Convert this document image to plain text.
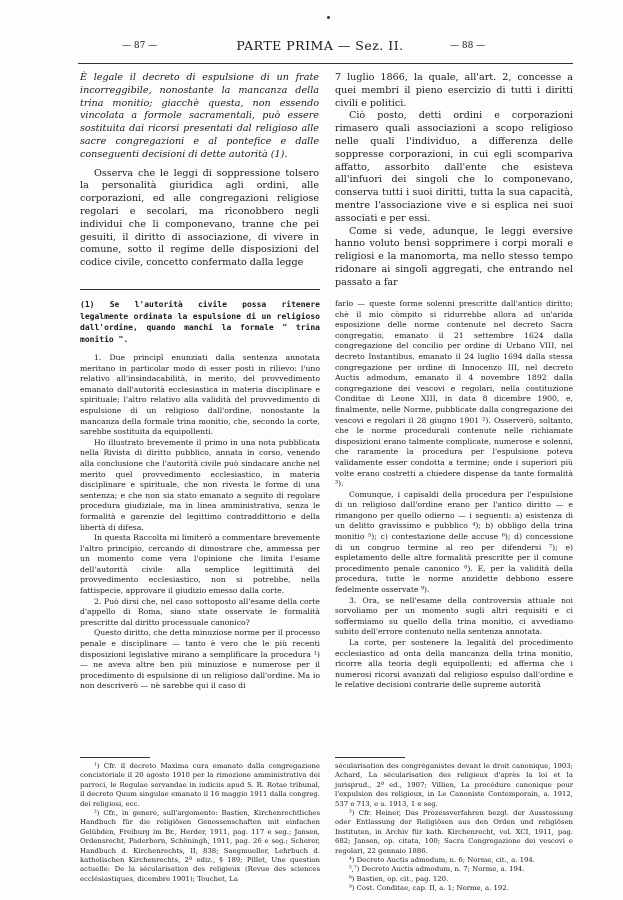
— 87 —	PARTE PRIMA — Sez. II.	— 88 —

È legale il decreto di espulsione di un frate incorreggibile, nonostante la mancanza della trina monitio; giacchè questa, non essendo vincolata a formole sacramentali, può essere sostituita dai ricorsi presentati dal religioso alle sacre congregazioni e al pontefice e dalle conseguenti decisioni di dette autorità (1).

Osserva che le leggi di soppressione tolsero la personalità giuridica agli ordini, alle corporazioni, ed alle congregazioni religiose regolari e secolari, ma riconobbero negli individui che li componevano, tranne che pei gesuiti, il diritto di associazione, di vivere in comune, sotto il regime delle disposizioni del codice civile, concetto confermato dalla legge

7 luglio 1866, la quale, all'art. 2, concesse a quei membri il pieno esercizio di tutti i diritti civili e politici.

Ciò posto, detti ordini e corporazioni rimasero quali associazioni a scopo religioso nelle quali l'individuo, a differenza delle soppresse corporazioni, in cui egli scompariva affatto, assorbito dall'ente che esisteva all'infuori dei singoli che lo componevano, conserva tutti i suoi diritti, tutta la sua capacità, mentre l'associazione vive e si esplica nei suoi associati e per essi.

Come si vede, adunque, le leggi eversive hanno voluto bensì sopprimere i corpi morali e religiosi e la manomorta, ma nello stesso tempo ridonare ai singoli aggregati, che entrando nel passato a far

(1) Se l'autorità civile possa ritenere legalmente ordinata la espulsione di un religioso dall'ordine, quando manchi la formale " trina monitio ".

1. Due principî enunziati dalla sentenza annotata meritano in particolar modo di esser posti in rilievo: l'uno relativo all'insindacabilità, in merito, del provvedimento emanato dall'autorità ecclesiastica in materia disciplinare e spirituale; l'altro relativo alla validità del provvedimento di espulsione di un religioso dall'ordine, nonostante la mancanza della formale trina monitio, che, secondo la corte, sarebbe sostituita da equipollenti.

Ho illustrato brevemente il primo in una nota pubblicata nella Rivista di diritto pubblico, annata in corso, venendo alla conclusione che l'autorità civile può sindacare anche nel merito quel provvedimento ecclesiastico, in materia disciplinare e spirituale, che non rivesta le forme di una sentenza; e che non sia stato emanato a seguito di regolare procedura giudiziale, ma in linea amministrativa, senza le formalità e garenzie del legittimo contraddittorio e della libertà di difesa.

In questa Raccolta mi limiterò a commentare brevemente l'altro principio, cercando di dimostrare che, ammessa per un momento come vera l'opinione che limita l'esame dell'autorità civile alla semplice legittimità del provvedimento ecclesiastico, non si potrebbe, nella fattispecie, approvare il giudizio emesso dalla corte.

2. Può dirsi che, nel caso sottoposto all'esame della corte d'appello di Roma, siano state osservate le formalità prescritte dal diritto processuale canonico?

Questo diritto, che detta minuziose norme per il processo penale e disciplinare — tanto è vero che le più recenti disposizioni legislative mirano a semplificare la procedura ¹) — ne aveva altre ben più minuziose e numerose per il procedimento di espulsione di un religioso dall'ordine. Ma io non descriverò — nè sarebbe qui il caso di

farlo — queste forme solenni prescritte dall'antico diritto; chè il mio còmpito si ridurrebbe allora ad un'arida esposizione delle norme contenute nel decreto Sacra congregatio, emanato il 21 settembre 1624 dalla congregazione del concilio per ordine di Urbano VIII, nel decreto Instantibus, emanato il 24 luglio 1694 dalla stessa congregazione per ordine di Innocenzo III, nel decreto Auctis admodum, emanato il 4 novembre 1892 dalla congregazione dei vescovi e regolari, nella costituzione Conditae di Leone XIII, in data 8 dicembre 1900, e, finalmente, nelle Norme, pubblicate dalla congregazione dei vescovi e regolari il 28 giugno 1901 ²). Osserverò, soltanto, che le norme procedurali contenute nelle richiamate disposizioni erano talmente complicate, numerose e solenni, che raramente la procedura per l'espulsione poteva validamente esser condotta a termine; onde i superiori più volte erano costretti a chiedere dispense da tante formalità ³).

Comunque, i capisaldi della procedura per l'espulsione di un religioso dall'ordine erano per l'antico diritto — e rimangono per quello odierno — i seguenti: a) esistenza di un delitto gravissimo e pubblico ⁴); b) obbligo della trina monitio ⁵); c) contestazione delle accuse ⁶); d) concessione di un congruo termine al reo per difendersi ⁷); e) espletamento delle altre formalità prescritte per il comune procedimento penale canonico ⁸). E, per la validità della procedura, tutte le norme anzidette debbono essere fedelmente osservate ⁹).

3. Ora, se nell'esame della controversia attuale noi sorvoliamo per un momento sugli altri requisiti e ci soffermiamo su quello della trina monitio, ci avvediamo subito dell'errore contenuto nella sentenza annotata.

La corte, per sostenere la legalità del procedimento ecclesiastico ad onta della mancanza della trina monitio, ricorre alla teoria degli equipollenti; ed afferma che i numerosi ricorsi avanzati dal religioso espulso dall'ordine e le relative decisioni contrarie delle supreme autorità

¹) Cfr. il decreto Maxima cura emanato dalla congregazione concistoriale il 20 agosto 1910 per la rimozione amministrativa dei parroci, le Regulae servandae in iudiciis apud S. R. Rotae tribunal, il decreto Quum singulae emanato il 16 maggio 1911 dalla congreg. dei religiosi, ecc.

²) Cfr., in genere, sull'argomento: Bastien, Kirchenrechtliches Handbuch für die religiösen Genossenschaften mit einfachen Gelübden, Freiburg im Br., Herder, 1911, pag. 117 e seg.; Jansen, Ordensrecht, Paderborn, Schöningh, 1911, pag. 26 e seg.; Scherer, Handbuch d. Kirchenrechts, II, 838; Saegmueller, Lehrbuch d. katholischen Kirchenrechts, 2ª ediz., § 189; Pillet, Une question actuelle: De la sécularisation des religieux (Revue des sciences ecclésiastiques, dicembre 1901); Touchet, La

sécularisation des congréganistes devant le droit canonique, 1903; Achard, La sécularisation des religieux d'après la loi et la jurisprud., 2ª ed., 1907; Villien, La procédure canonique pour l'expulsion des religieux, in Le Canoniste Contemporain, a. 1912, 537 e 713, e a. 1913, 1 e seg.

³) Cfr. Heiner, Das Prozessverfahren bezgl. der Ausstossung oder Entlassung der Religiösen aus den Orden und religiösen Instituten, in Archiv für kath. Kirchenrecht, vol. XCI, 1911, pag. 682; Jansen, op. citata, 100; Sacra Congregazione dei vescovi e regolari, 22 gennaio 1886.

⁴) Decreto Auctis admodum, n. 6; Norme, cit., a. 194.

⁵,⁷) Decreto Auctis admodum, n. 7; Norme, a. 194.

⁸) Bastien, op. cit., pag. 120.

⁹) Cost. Conditae, cap. II, a. 1; Norme, a. 192.
